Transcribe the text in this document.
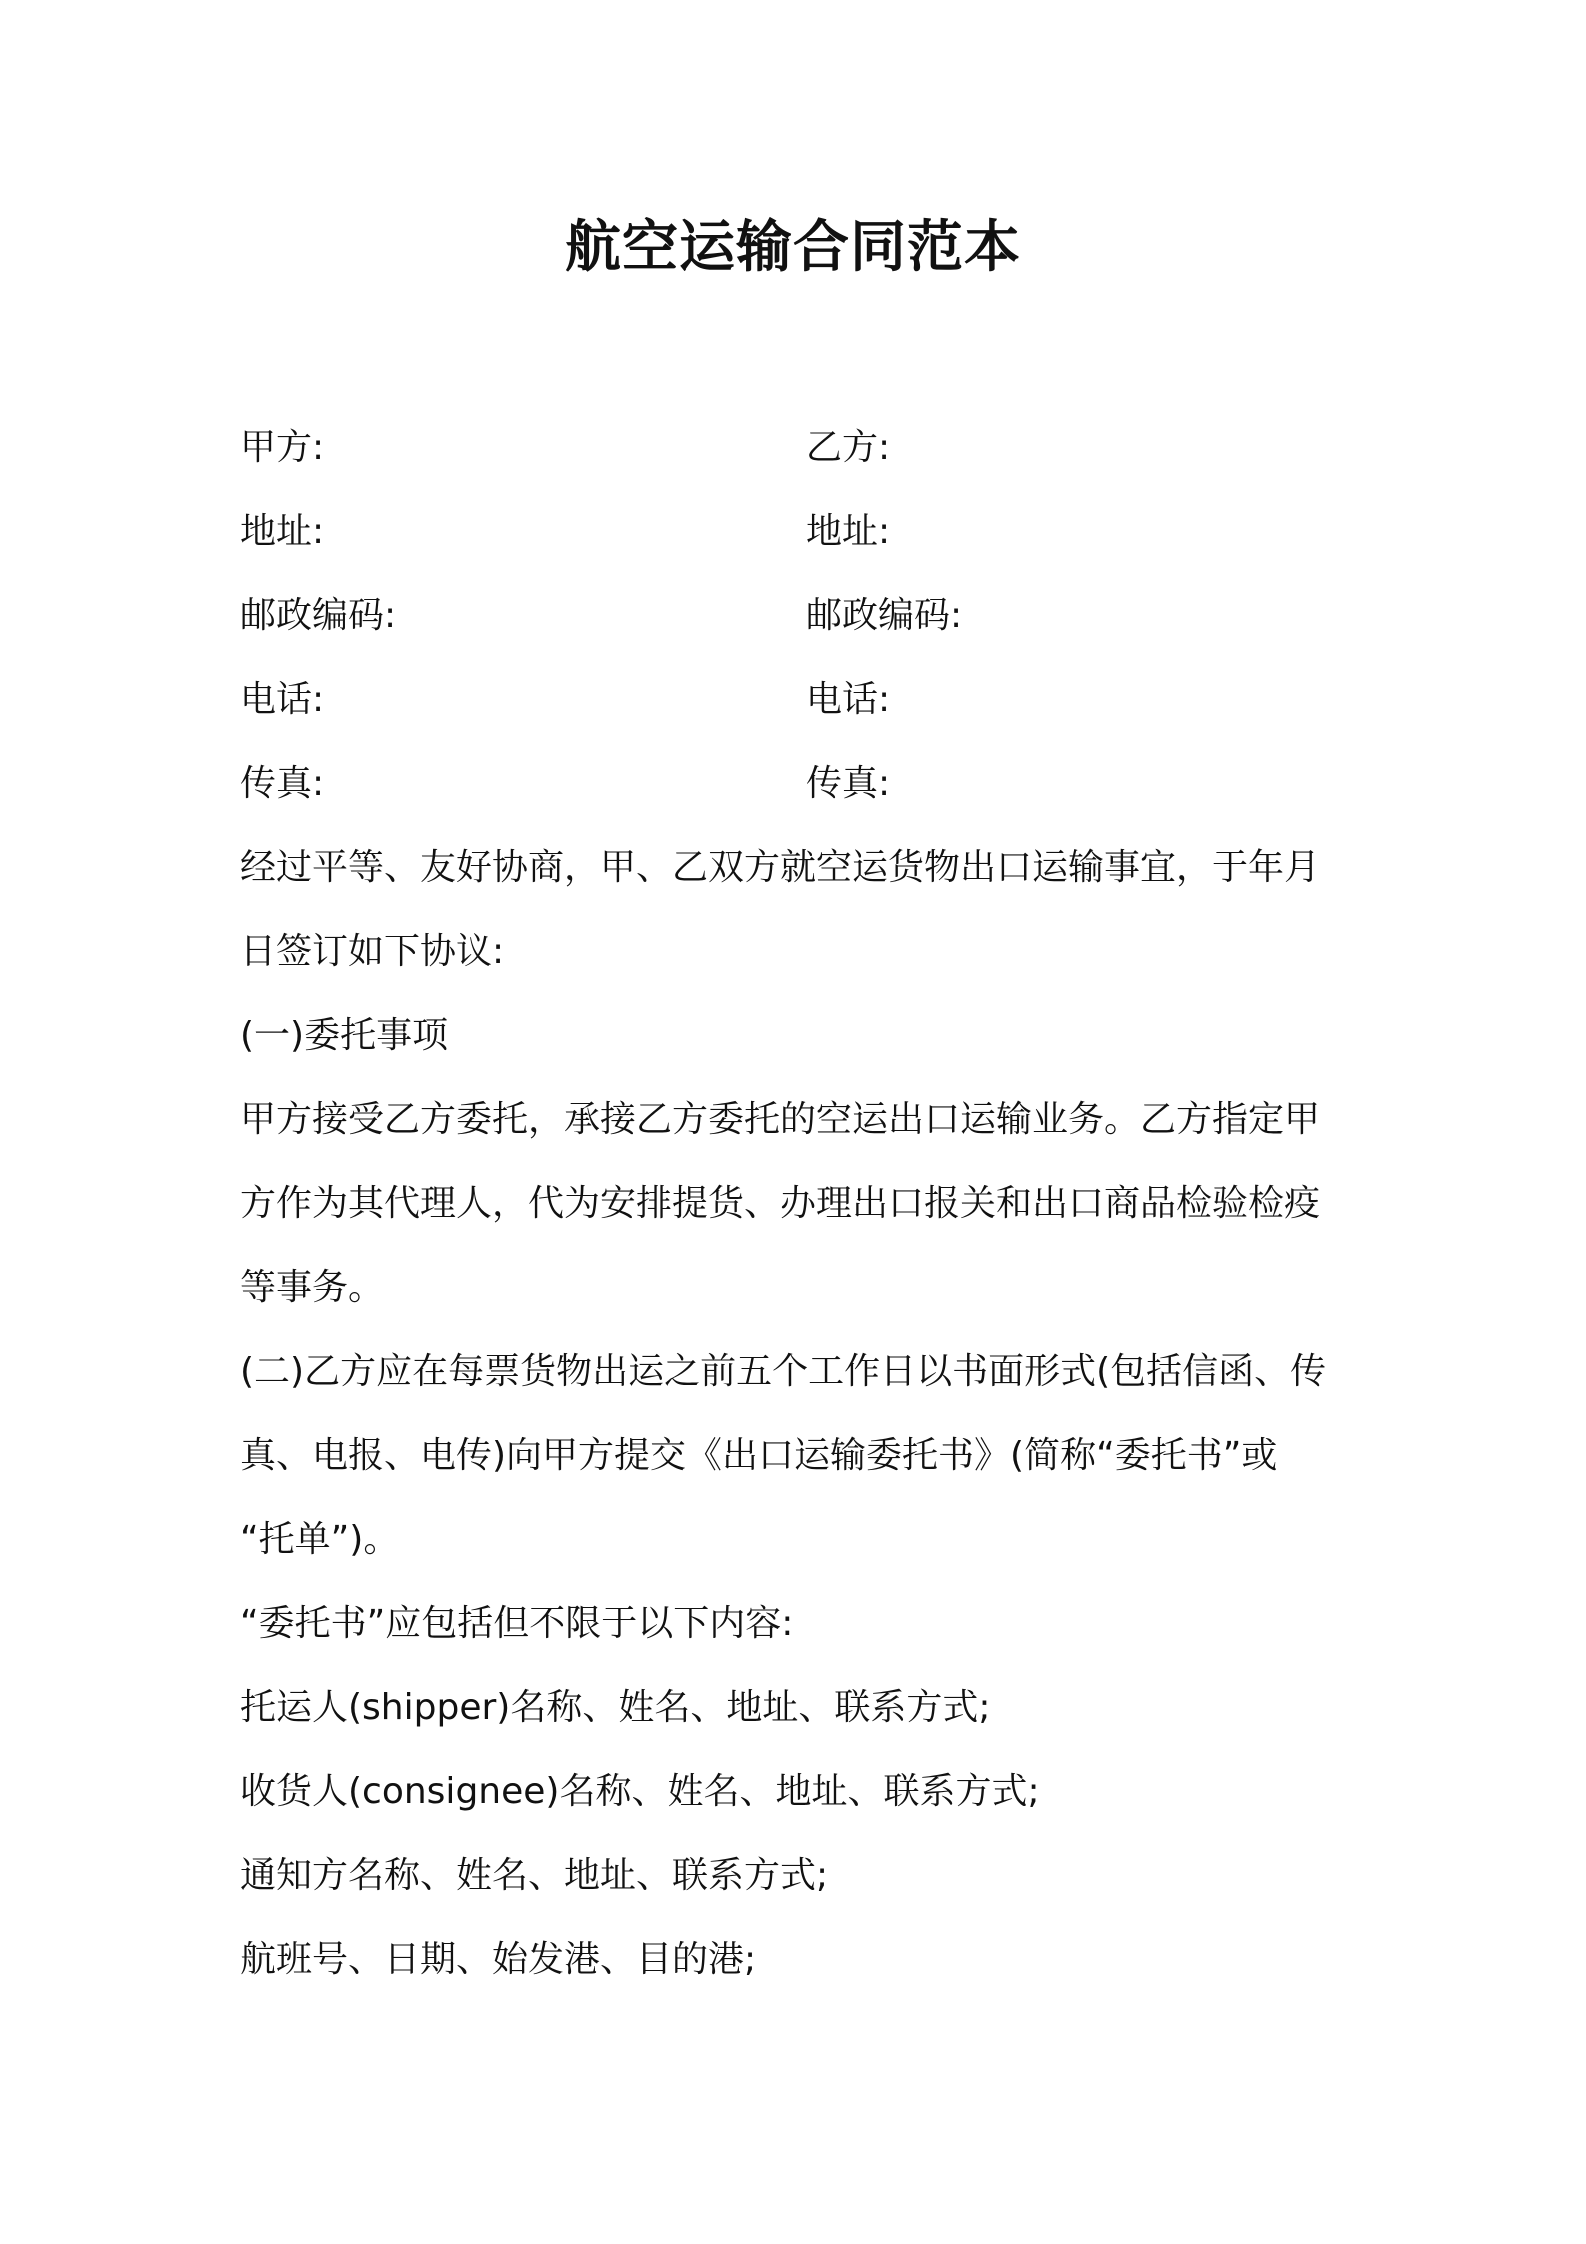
航空运输合同范本
甲方:	乙方:
地址:	地址:
邮政编码:	邮政编码:
电话:	电话:
传真:	传真:
经过平等、友好协商，甲、乙双方就空运货物出口运输事宜，于年月
日签订如下协议:
(一)委托事项
甲方接受乙方委托，承接乙方委托的空运出口运输业务。乙方指定甲
方作为其代理人，代为安排提货、办理出口报关和出口商品检验检疫
等事务。
(二)乙方应在每票货物出运之前五个工作日以书面形式(包括信函、传
真、电报、电传)向甲方提交《出口运输委托书》(简称“委托书”或
“托单”)。
“委托书”应包括但不限于以下内容:
托运人(shipper)名称、姓名、地址、联系方式;
收货人(consignee)名称、姓名、地址、联系方式;
通知方名称、姓名、地址、联系方式;
航班号、日期、始发港、目的港;
